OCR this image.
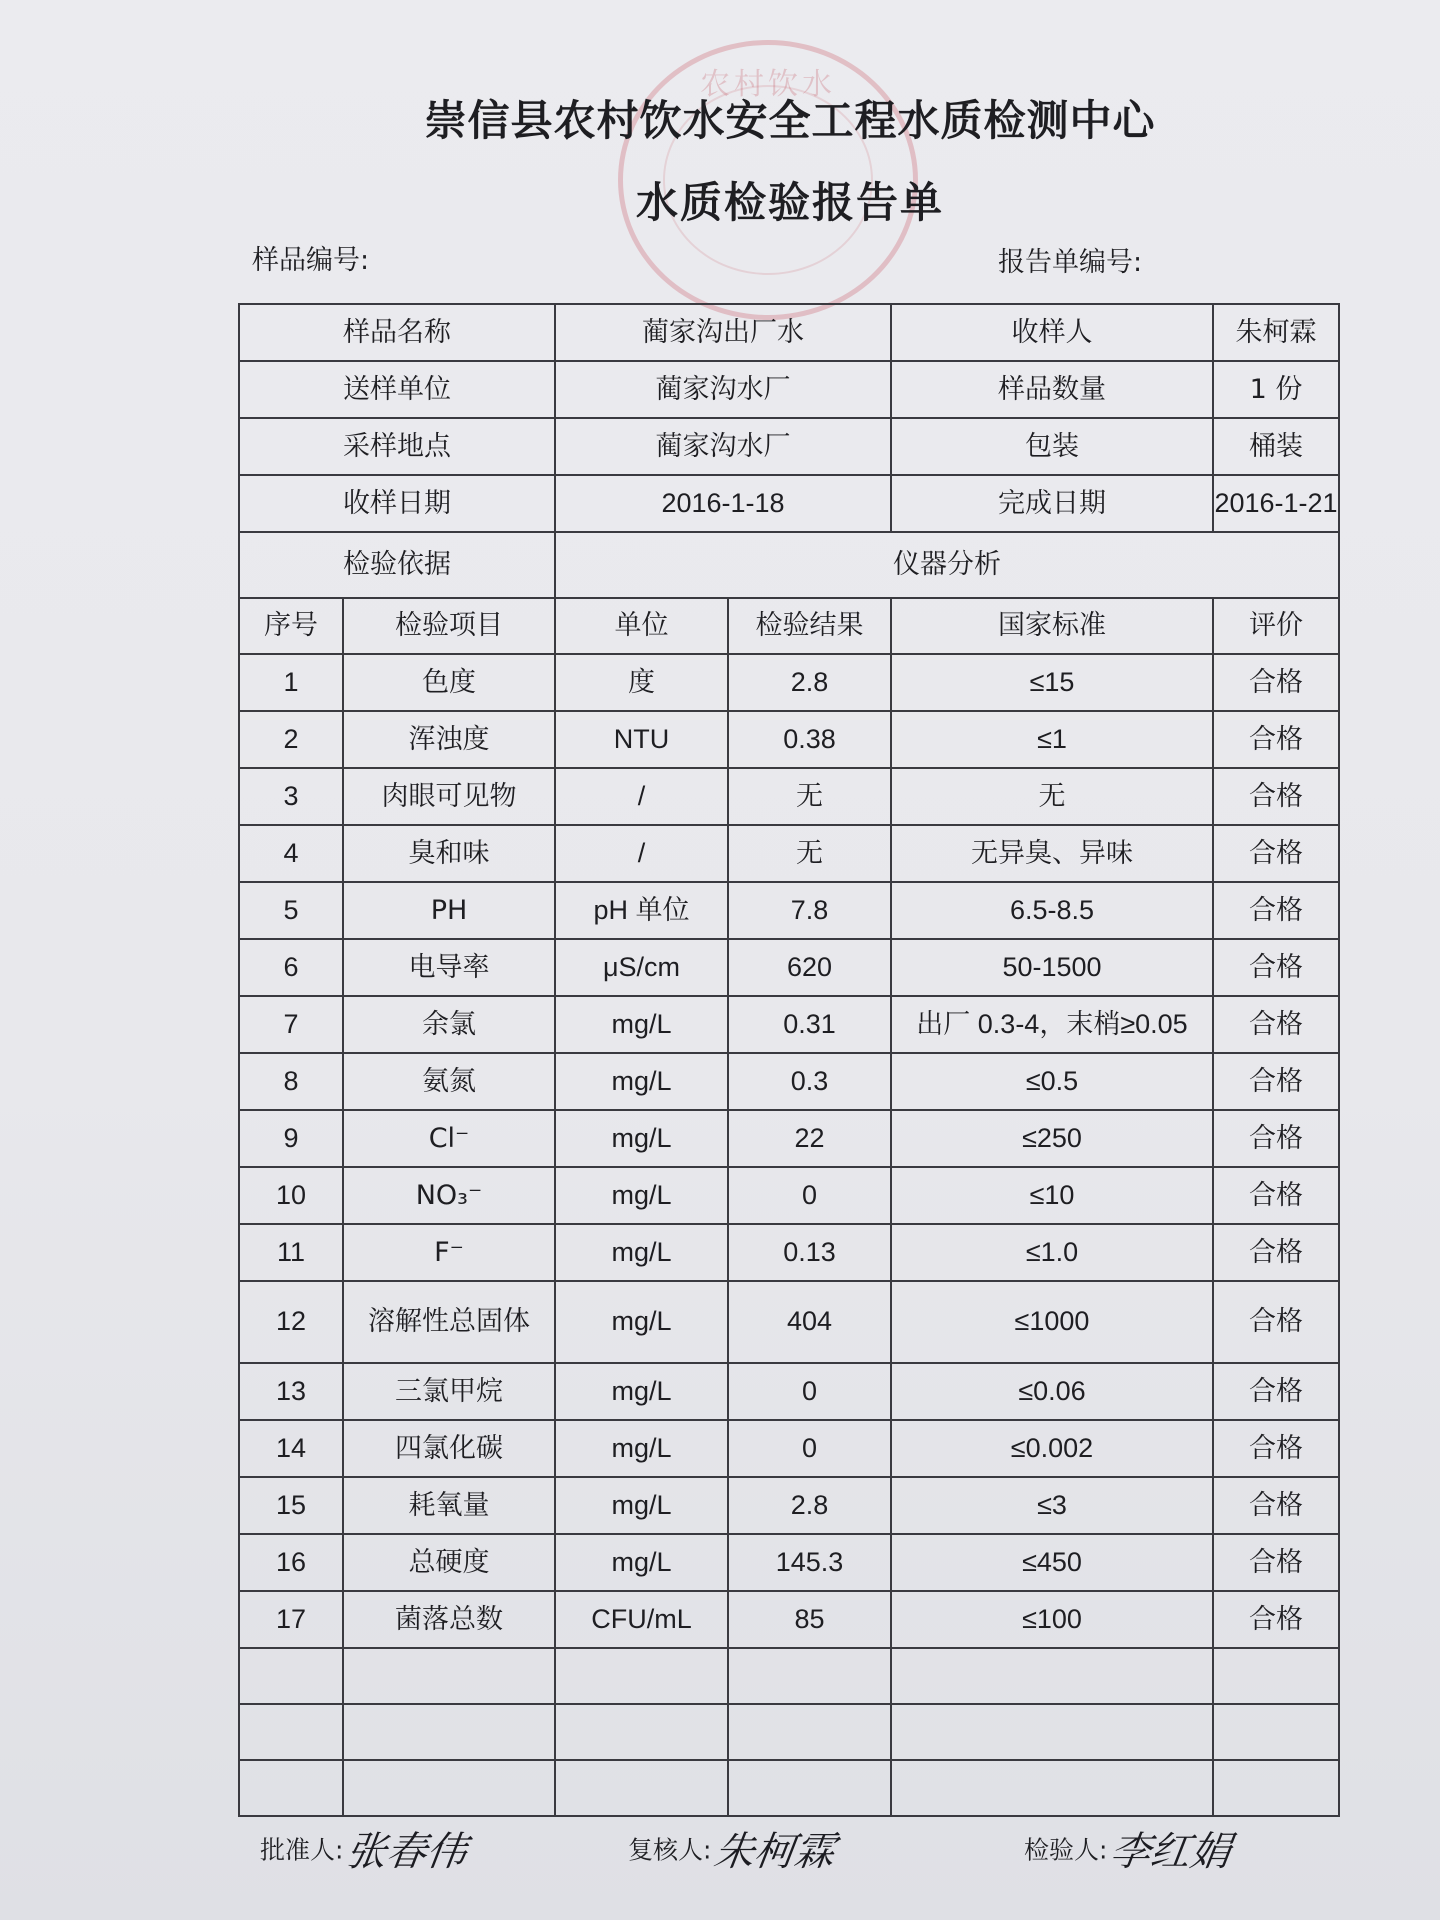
农村饮水
崇信县农村饮水安全工程水质检测中心
水质检验报告单
样品编号:	报告单编号:
样品名称		蔺家沟出厂水		收样人	朱柯霖
送样单位		蔺家沟水厂		样品数量	1 份
采样地点		蔺家沟水厂		包装	桶装
收样日期		2016-1-18		完成日期	2016-1-21
检验依据		仪器分析			
序号	检验项目	单位	检验结果	国家标准	评价
1	色度	度	2.8	≤15	合格
2	浑浊度	NTU	0.38	≤1	合格
3	肉眼可见物	/	无	无	合格
4	臭和味	/	无	无异臭、异味	合格
5	PH	pH 单位	7.8	6.5-8.5	合格
6	电导率	μS/cm	620	50-1500	合格
7	余氯	mg/L	0.31	出厂 0.3-4，末梢≥0.05	合格
8	氨氮	mg/L	0.3	≤0.5	合格
9	Cl⁻	mg/L	22	≤250	合格
10	NO₃⁻	mg/L	0	≤10	合格
11	F⁻	mg/L	0.13	≤1.0	合格
12	溶解性总固体	mg/L	404	≤1000	合格
13	三氯甲烷	mg/L	0	≤0.06	合格
14	四氯化碳	mg/L	0	≤0.002	合格
15	耗氧量	mg/L	2.8	≤3	合格
16	总硬度	mg/L	145.3	≤450	合格
17	菌落总数	CFU/mL	85	≤100	合格

批准人:张春伟	复核人:朱柯霖	检验人:李红娟
